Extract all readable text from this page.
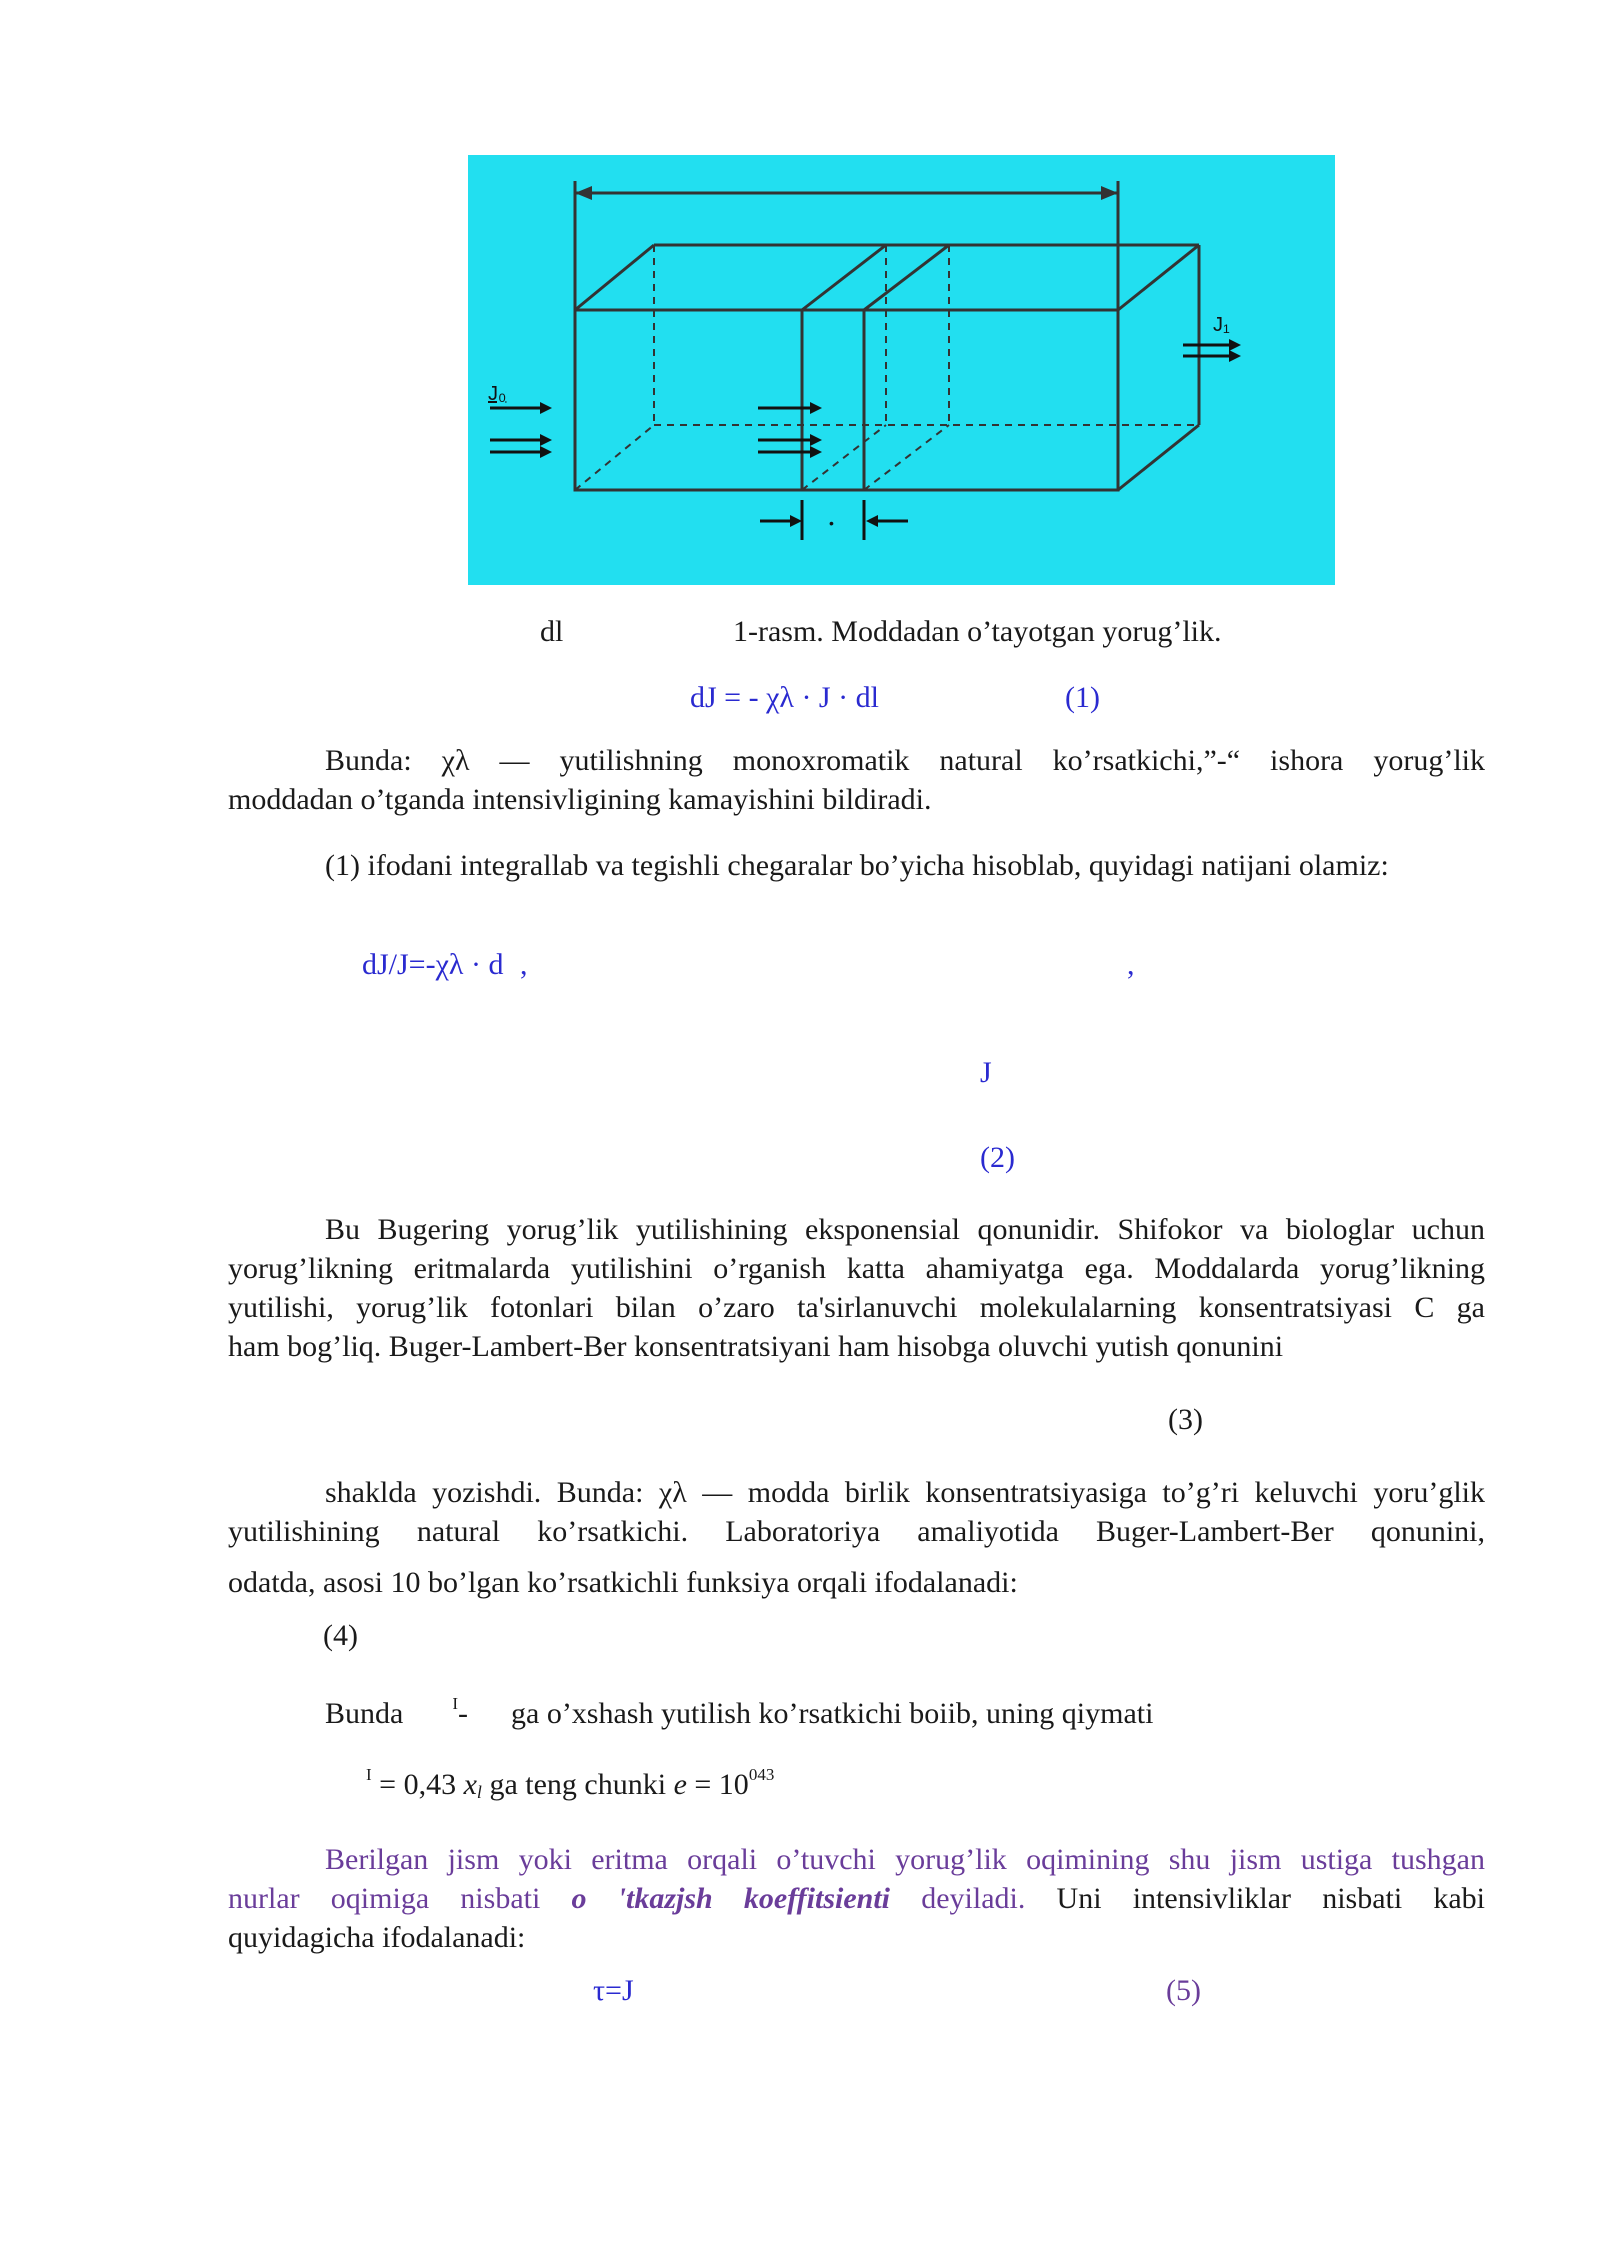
J₀
J₁
•
dl	1-rasm. Moddadan o’tayotgan yorug’lik.
dJ = - χλ · J · dl	(1)
Bunda: χλ — yutilishning monoxromatik natural ko’rsatkichi,”-“ ishora yorug’lik
moddadan o’tganda intensivligining kamayishini bildiradi.
(1) ifodani integrallab va tegishli chegaralar bo’yicha hisoblab, quyidagi natijani olamiz:
dJ/J=-χλ · d ,	,
J
(2)
Bu Bugering yorug’lik yutilishining eksponensial qonunidir. Shifokor va biologlar uchun
yorug’likning eritmalarda yutilishini o’rganish katta ahamiyatga ega. Moddalarda yorug’likning
yutilishi, yorug’lik fotonlari bilan o’zaro ta'sirlanuvchi molekulalarning konsentratsiyasi C ga
ham bog’liq. Buger-Lambert-Ber konsentratsiyani ham hisobga oluvchi yutish qonunini
(3)
shaklda yozishdi. Bunda: χλ — modda birlik konsentratsiyasiga to’g’ri keluvchi yoru’glik
yutilishining natural ko’rsatkichi. Laboratoriya amaliyotida Buger-Lambert-Ber qonunini,
odatda, asosi 10 bo’lgan ko’rsatkichli funksiya orqali ifodalanadi:
(4)
Bunda	$^I$- ga o’xshash yutilish ko’rsatkichi boiib, uning qiymati
$^I$ = 0,43 $x_l$ ga teng chunki $e = 10^{043}$
Berilgan jism yoki eritma orqali o’tuvchi yorug’lik oqimining shu jism ustiga tushgan
nurlar oqimiga nisbati o 'tkazjsh koeffitsienti deyiladi. Uni intensivliklar nisbati kabi
quyidagicha ifodalanadi:
τ=J	(5)
